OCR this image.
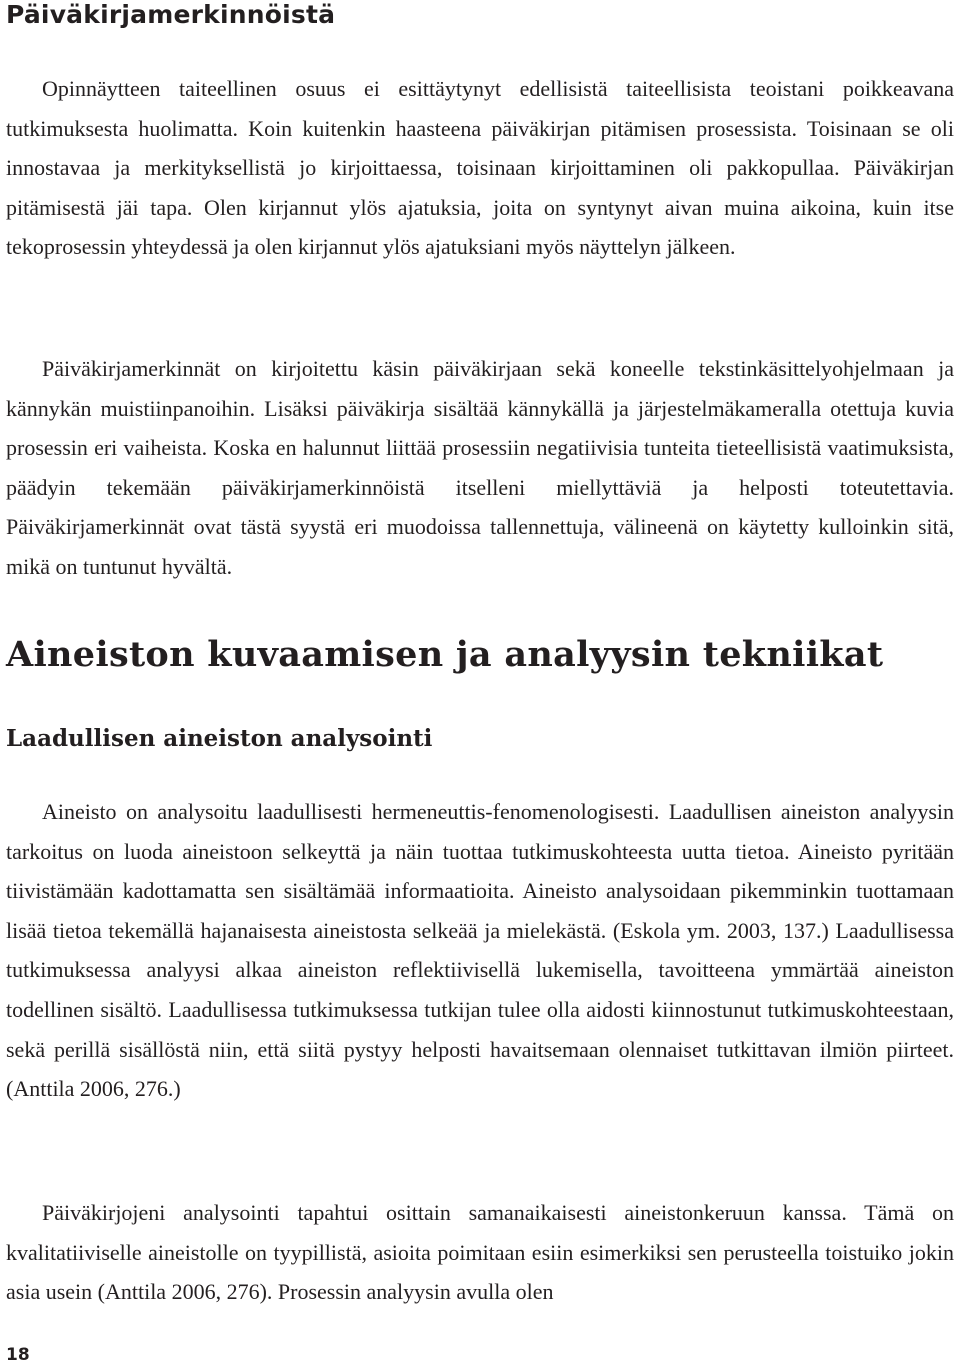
Päiväkirjamerkinnöistä

Opinnäytteen taiteellinen osuus ei esittäytynyt edellisistä taiteellisista teoistani poikkeavana tutkimuksesta huolimatta. Koin kuitenkin haasteena päiväkirjan pitämisen prosessista. Toisinaan se oli innostavaa ja merkityksellistä jo kirjoittaessa, toisinaan kirjoittaminen oli pakkopullaa. Päiväkirjan pitämisestä jäi tapa. Olen kirjannut ylös ajatuksia, joita on syntynyt aivan muina aikoina, kuin itse tekoprosessin yhteydessä ja olen kirjannut ylös ajatuksiani myös näyttelyn jälkeen.

Päiväkirjamerkinnät on kirjoitettu käsin päiväkirjaan sekä koneelle tekstinkäsittelyohjelmaan ja kännykän muistiinpanoihin. Lisäksi päiväkirja sisältää kännykällä ja järjestelmäkameralla otettuja kuvia prosessin eri vaiheista. Koska en halunnut liittää prosessiin negatiivisia tunteita tieteellisistä vaatimuksista, päädyin tekemään päiväkirjamerkinnöistä itselleni miellyttäviä ja helposti toteutettavia. Päiväkirjamerkinnät ovat tästä syystä eri muodoissa tallennettuja, välineenä on käytetty kulloinkin sitä, mikä on tuntunut hyvältä.

Aineiston kuvaamisen ja analyysin tekniikat
Laadullisen aineiston analysointi

Aineisto on analysoitu laadullisesti hermeneuttis-fenomenologisesti. Laadullisen aineiston analyysin tarkoitus on luoda aineistoon selkeyttä ja näin tuottaa tutkimuskohteesta uutta tietoa. Aineisto pyritään tiivistämään kadottamatta sen sisältämää informaatioita. Aineisto analysoidaan pikemminkin tuottamaan lisää tietoa tekemällä hajanaisesta aineistosta selkeää ja mielekästä. (Eskola ym. 2003, 137.) Laadullisessa tutkimuksessa analyysi alkaa aineiston reflektiivisellä lukemisella, tavoitteena ymmärtää aineiston todellinen sisältö. Laadullisessa tutkimuksessa tutkijan tulee olla aidosti kiinnostunut tutkimuskohteestaan, sekä perillä sisällöstä niin, että siitä pystyy helposti havaitsemaan olennaiset tutkittavan ilmiön piirteet. (Anttila 2006, 276.)

Päiväkirjojeni analysointi tapahtui osittain samanaikaisesti aineistonkeruun kanssa. Tämä on kvalitatiiviselle aineistolle on tyypillistä, asioita poimitaan esiin esimerkiksi sen perusteella toistuiko jokin asia usein (Anttila 2006, 276). Prosessin analyysin avulla olen

18
